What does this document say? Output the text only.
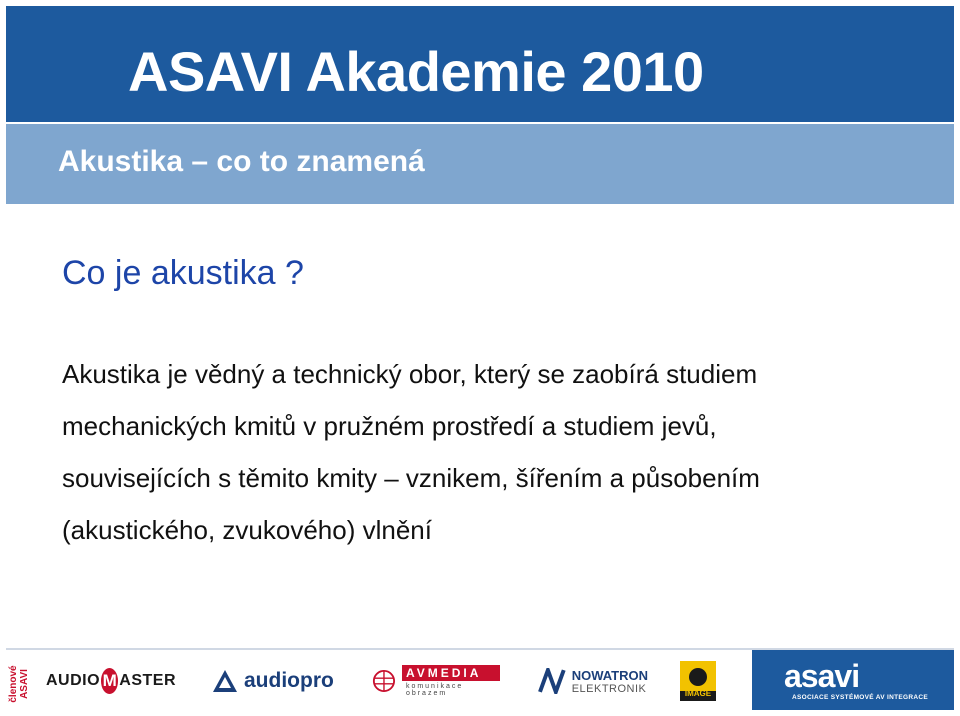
ASAVI Akademie 2010
Akustika – co to znamená
Co je akustika ?
Akustika je vědný a technický obor, který se zaobírá studiem
mechanických kmitů v pružném prostředí a studiem jevů,
souvisejících s těmito kmity – vznikem, šířením a působením
(akustického, zvukového) vlnění
členové ASAVI AUDIO M ASTER	audiopro	AVMEDIA
komunikace obrazem
NOWATRON
ELEKTRONIK	IMAGE asavi
ASOCIACE SYSTÉMOVÉ AV INTEGRACE
